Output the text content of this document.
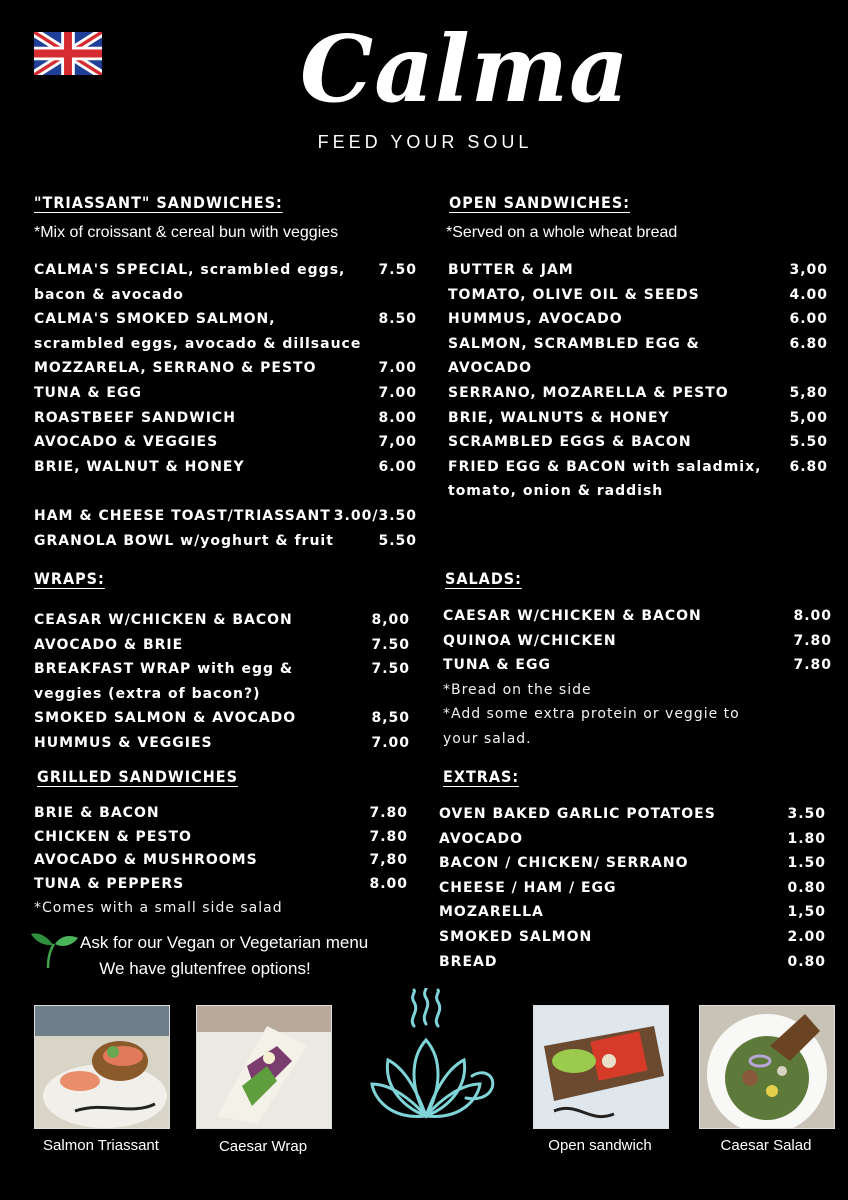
Calma
FEED YOUR SOUL
"TRIASSANT" SANDWICHES:
*Mix of croissant & cereal bun with veggies
CALMA'S SPECIAL, scrambled eggs,
bacon & avocado
7.50
CALMA'S SMOKED SALMON,
scrambled eggs, avocado & dillsauce
8.50
MOZZARELA, SERRANO & PESTO	7.00
TUNA & EGG	7.00
ROASTBEEF SANDWICH	8.00
AVOCADO & VEGGIES	7,00
BRIE, WALNUT & HONEY	6.00
HAM & CHEESE TOAST/TRIASSANT 3.00/3.50
GRANOLA BOWL w/yoghurt & fruit	5.50
OPEN SANDWICHES:
*Served on a whole wheat bread
BUTTER & JAM	3,00
TOMATO, OLIVE OIL & SEEDS	4.00
HUMMUS, AVOCADO	6.00
SALMON, SCRAMBLED EGG &
AVOCADO
6.80
SERRANO, MOZARELLA & PESTO	5,80
BRIE, WALNUTS & HONEY	5,00
SCRAMBLED EGGS & BACON	5.50
FRIED EGG & BACON with saladmix,
tomato, onion & raddish
6.80
WRAPS:
CEASAR W/CHICKEN & BACON	8,00
AVOCADO & BRIE	7.50
BREAKFAST WRAP with egg &
veggies (extra of bacon?)
7.50
SMOKED SALMON & AVOCADO	8,50
HUMMUS & VEGGIES	7.00
SALADS:
CAESAR W/CHICKEN & BACON	8.00
QUINOA W/CHICKEN	7.80
TUNA & EGG	7.80
*Bread on the side
*Add some extra protein or veggie to
your salad.
GRILLED SANDWICHES
BRIE & BACON	7.80
CHICKEN & PESTO	7.80
AVOCADO & MUSHROOMS	7,80
TUNA & PEPPERS	8.00
*Comes with a small side salad
EXTRAS:
OVEN BAKED GARLIC POTATOES	3.50
AVOCADO	1.80
BACON / CHICKEN/ SERRANO	1.50
CHEESE / HAM / EGG	0.80
MOZARELLA	1,50
SMOKED SALMON	2.00
BREAD	0.80
Ask for our Vegan or Vegetarian menu
We have glutenfree options!
Salmon Triassant	Caesar Wrap	Open sandwich	Caesar Salad
